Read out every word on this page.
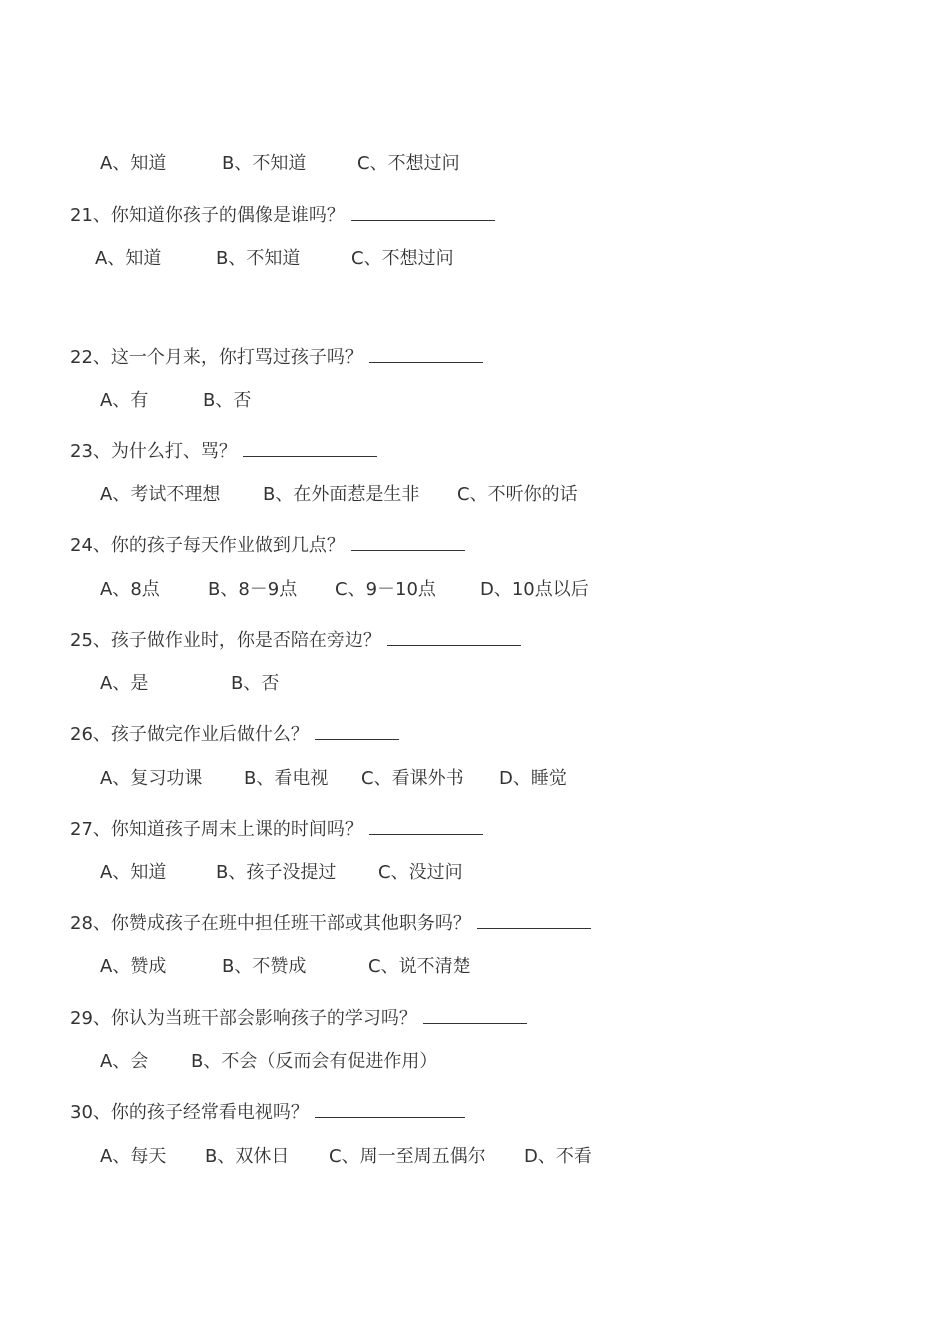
A、知道	B、不知道	C、不想过问
21、你知道你孩子的偶像是谁吗？
A、知道	B、不知道	C、不想过问
22、这一个月来，你打骂过孩子吗？
A、有	B、否
23、为什么打、骂？
A、考试不理想 B、在外面惹是生非 C、不听你的话
24、你的孩子每天作业做到几点？
A、8点	B、8－9点 C、9－10点 D、10点以后
25、孩子做作业时，你是否陪在旁边？
A、是	B、否
26、孩子做完作业后做什么？
A、复习功课 B、看电视 C、看课外书 D、睡觉
27、你知道孩子周末上课的时间吗？
A、知道	B、孩子没提过 C、没过问
28、你赞成孩子在班中担任班干部或其他职务吗？
A、赞成	B、不赞成	C、说不清楚
29、你认为当班干部会影响孩子的学习吗？
A、会 B、不会（反而会有促进作用）
30、你的孩子经常看电视吗？
A、每天 B、双休日 C、周一至周五偶尔 D、不看
